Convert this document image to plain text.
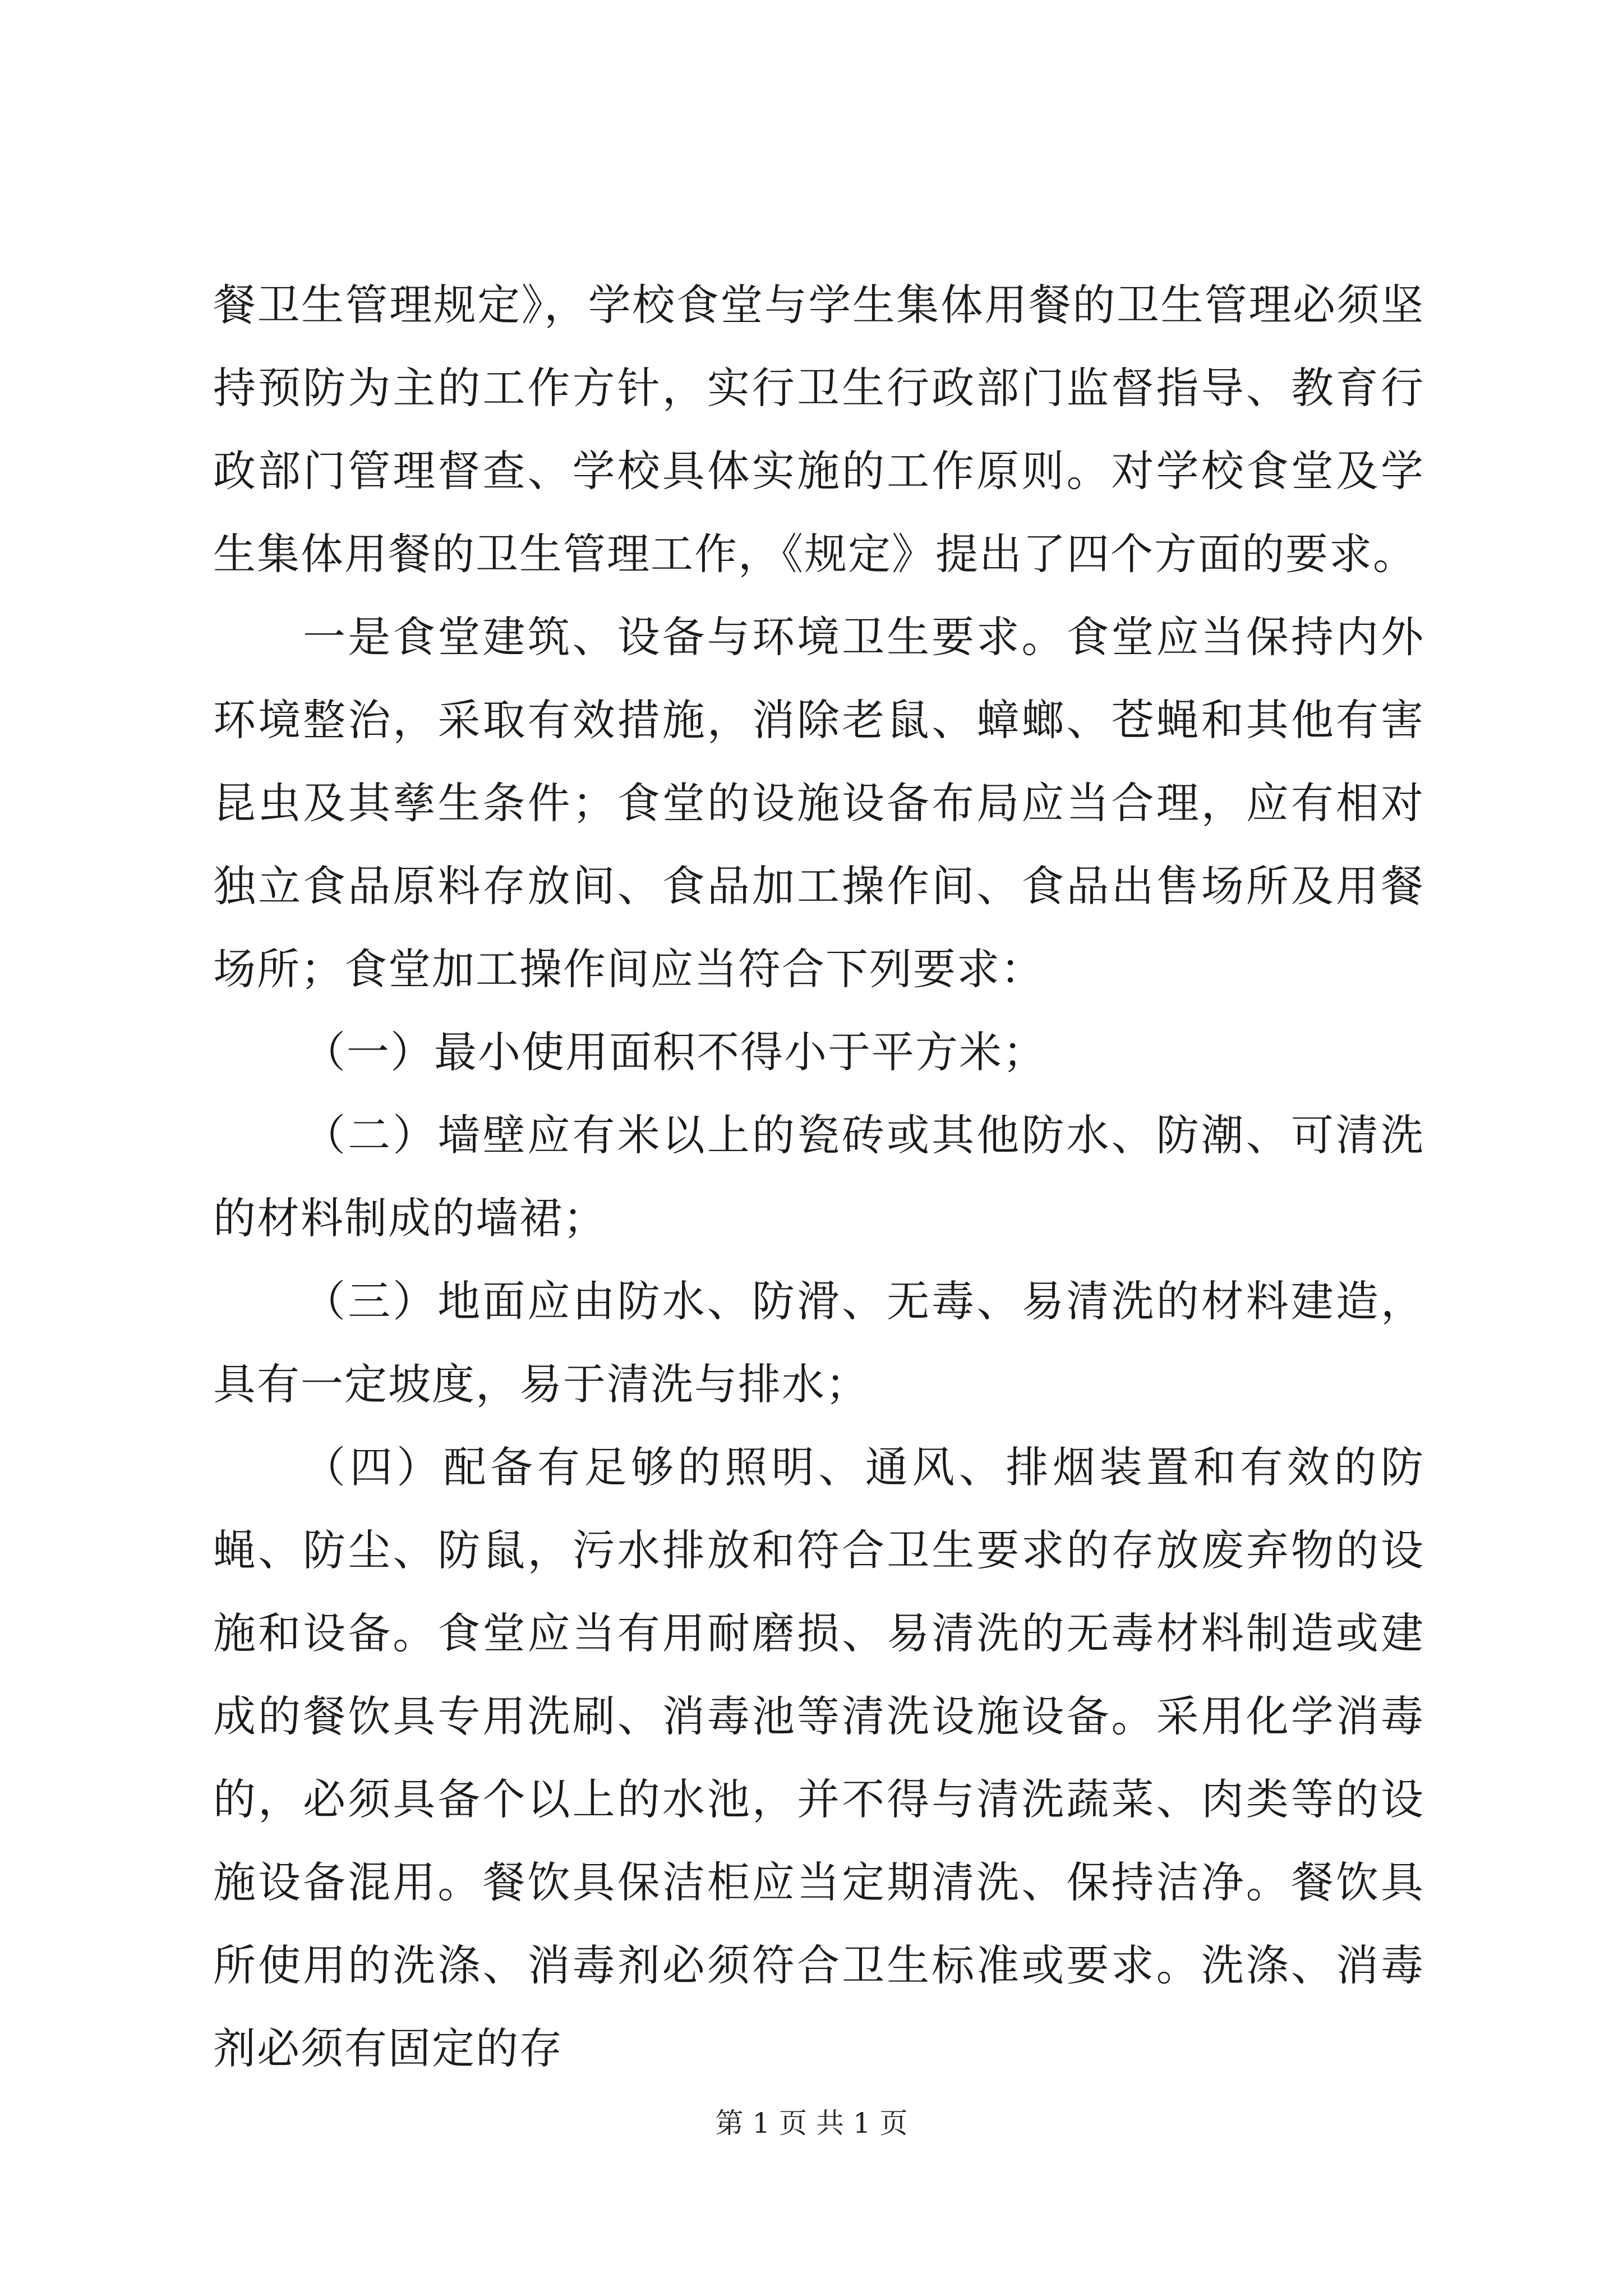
餐卫生管理规定》，学校食堂与学生集体用餐的卫生管理必须坚持预防为主的工作方针，实行卫生行政部门监督指导、教育行政部门管理督查、学校具体实施的工作原则。对学校食堂及学生集体用餐的卫生管理工作，《规定》提出了四个方面的要求。

一是食堂建筑、设备与环境卫生要求。食堂应当保持内外环境整治，采取有效措施，消除老鼠、蟑螂、苍蝇和其他有害昆虫及其孳生条件；食堂的设施设备布局应当合理，应有相对独立食品原料存放间、食品加工操作间、食品出售场所及用餐场所；食堂加工操作间应当符合下列要求：

（一）最小使用面积不得小于平方米；

（二）墙壁应有米以上的瓷砖或其他防水、防潮、可清洗的材料制成的墙裙；

（三）地面应由防水、防滑、无毒、易清洗的材料建造，具有一定坡度，易于清洗与排水；

（四）配备有足够的照明、通风、排烟装置和有效的防蝇、防尘、防鼠，污水排放和符合卫生要求的存放废弃物的设施和设备。食堂应当有用耐磨损、易清洗的无毒材料制造或建成的餐饮具专用洗刷、消毒池等清洗设施设备。采用化学消毒的，必须具备个以上的水池，并不得与清洗蔬菜、肉类等的设施设备混用。餐饮具保洁柜应当定期清洗、保持洁净。餐饮具所使用的洗涤、消毒剂必须符合卫生标准或要求。洗涤、消毒剂必须有固定的存

第 1 页 共 1 页
